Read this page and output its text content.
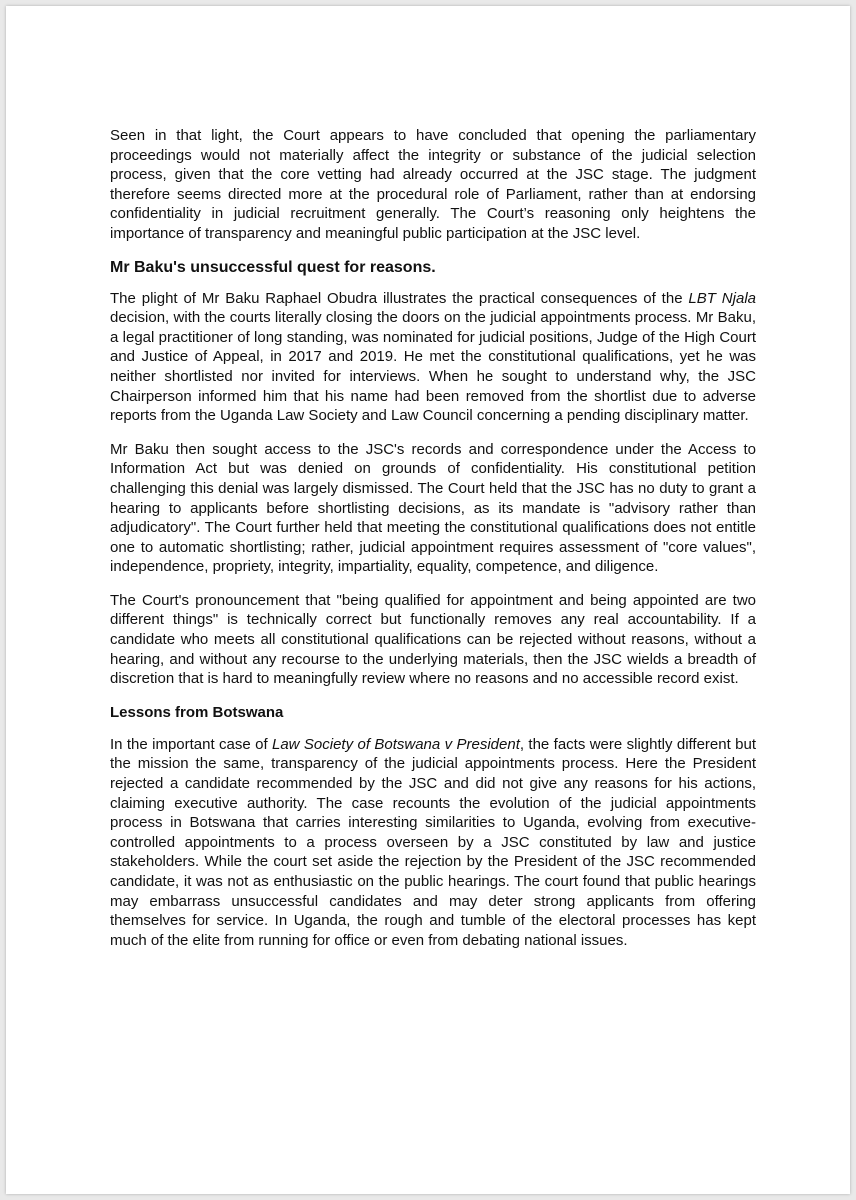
Seen in that light, the Court appears to have concluded that opening the parliamentary proceedings would not materially affect the integrity or substance of the judicial selection process, given that the core vetting had already occurred at the JSC stage. The judgment therefore seems directed more at the procedural role of Parliament, rather than at endorsing confidentiality in judicial recruitment generally. The Court’s reasoning only heightens the importance of transparency and meaningful public participation at the JSC level.

Mr Baku's unsuccessful quest for reasons.

The plight of Mr Baku Raphael Obudra illustrates the practical consequences of the LBT Njala decision, with the courts literally closing the doors on the judicial appointments process. Mr Baku, a legal practitioner of long standing, was nominated for judicial positions, Judge of the High Court and Justice of Appeal, in 2017 and 2019. He met the constitutional qualifications, yet he was neither shortlisted nor invited for interviews. When he sought to understand why, the JSC Chairperson informed him that his name had been removed from the shortlist due to adverse reports from the Uganda Law Society and Law Council concerning a pending disciplinary matter.

Mr Baku then sought access to the JSC's records and correspondence under the Access to Information Act but was denied on grounds of confidentiality. His constitutional petition challenging this denial was largely dismissed. The Court held that the JSC has no duty to grant a hearing to applicants before shortlisting decisions, as its mandate is "advisory rather than adjudicatory". The Court further held that meeting the constitutional qualifications does not entitle one to automatic shortlisting; rather, judicial appointment requires assessment of "core values", independence, propriety, integrity, impartiality, equality, competence, and diligence.

The Court's pronouncement that "being qualified for appointment and being appointed are two different things" is technically correct but functionally removes any real accountability. If a candidate who meets all constitutional qualifications can be rejected without reasons, without a hearing, and without any recourse to the underlying materials, then the JSC wields a breadth of discretion that is hard to meaningfully review where no reasons and no accessible record exist.

Lessons from Botswana

In the important case of Law Society of Botswana v President, the facts were slightly different but the mission the same, transparency of the judicial appointments process. Here the President rejected a candidate recommended by the JSC and did not give any reasons for his actions, claiming executive authority. The case recounts the evolution of the judicial appointments process in Botswana that carries interesting similarities to Uganda, evolving from executive-controlled appointments to a process overseen by a JSC constituted by law and justice stakeholders. While the court set aside the rejection by the President of the JSC recommended candidate, it was not as enthusiastic on the public hearings. The court found that public hearings may embarrass unsuccessful candidates and may deter strong applicants from offering themselves for service. In Uganda, the rough and tumble of the electoral processes has kept much of the elite from running for office or even from debating national issues.
